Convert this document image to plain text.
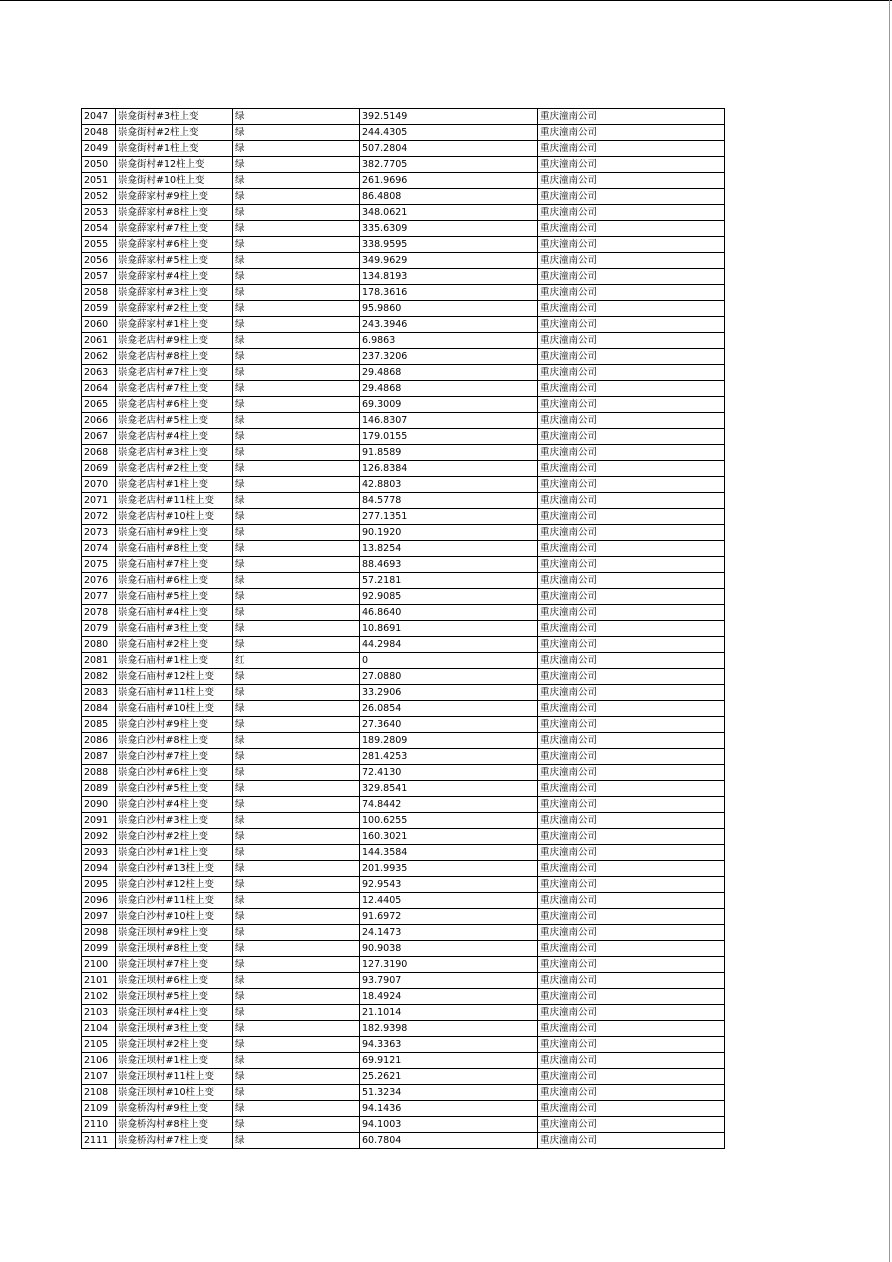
2047	崇龛街村#3柱上变	绿	392.5149	重庆潼南公司
2048	崇龛街村#2柱上变	绿	244.4305	重庆潼南公司
2049	崇龛街村#1柱上变	绿	507.2804	重庆潼南公司
2050	崇龛街村#12柱上变	绿	382.7705	重庆潼南公司
2051	崇龛街村#10柱上变	绿	261.9696	重庆潼南公司
2052	崇龛薛家村#9柱上变	绿	86.4808	重庆潼南公司
2053	崇龛薛家村#8柱上变	绿	348.0621	重庆潼南公司
2054	崇龛薛家村#7柱上变	绿	335.6309	重庆潼南公司
2055	崇龛薛家村#6柱上变	绿	338.9595	重庆潼南公司
2056	崇龛薛家村#5柱上变	绿	349.9629	重庆潼南公司
2057	崇龛薛家村#4柱上变	绿	134.8193	重庆潼南公司
2058	崇龛薛家村#3柱上变	绿	178.3616	重庆潼南公司
2059	崇龛薛家村#2柱上变	绿	95.9860	重庆潼南公司
2060	崇龛薛家村#1柱上变	绿	243.3946	重庆潼南公司
2061	崇龛老店村#9柱上变	绿	6.9863	重庆潼南公司
2062	崇龛老店村#8柱上变	绿	237.3206	重庆潼南公司
2063	崇龛老店村#7柱上变	绿	29.4868	重庆潼南公司
2064	崇龛老店村#7柱上变	绿	29.4868	重庆潼南公司
2065	崇龛老店村#6柱上变	绿	69.3009	重庆潼南公司
2066	崇龛老店村#5柱上变	绿	146.8307	重庆潼南公司
2067	崇龛老店村#4柱上变	绿	179.0155	重庆潼南公司
2068	崇龛老店村#3柱上变	绿	91.8589	重庆潼南公司
2069	崇龛老店村#2柱上变	绿	126.8384	重庆潼南公司
2070	崇龛老店村#1柱上变	绿	42.8803	重庆潼南公司
2071	崇龛老店村#11柱上变	绿	84.5778	重庆潼南公司
2072	崇龛老店村#10柱上变	绿	277.1351	重庆潼南公司
2073	崇龛石庙村#9柱上变	绿	90.1920	重庆潼南公司
2074	崇龛石庙村#8柱上变	绿	13.8254	重庆潼南公司
2075	崇龛石庙村#7柱上变	绿	88.4693	重庆潼南公司
2076	崇龛石庙村#6柱上变	绿	57.2181	重庆潼南公司
2077	崇龛石庙村#5柱上变	绿	92.9085	重庆潼南公司
2078	崇龛石庙村#4柱上变	绿	46.8640	重庆潼南公司
2079	崇龛石庙村#3柱上变	绿	10.8691	重庆潼南公司
2080	崇龛石庙村#2柱上变	绿	44.2984	重庆潼南公司
2081	崇龛石庙村#1柱上变	红	0	重庆潼南公司
2082	崇龛石庙村#12柱上变	绿	27.0880	重庆潼南公司
2083	崇龛石庙村#11柱上变	绿	33.2906	重庆潼南公司
2084	崇龛石庙村#10柱上变	绿	26.0854	重庆潼南公司
2085	崇龛白沙村#9柱上变	绿	27.3640	重庆潼南公司
2086	崇龛白沙村#8柱上变	绿	189.2809	重庆潼南公司
2087	崇龛白沙村#7柱上变	绿	281.4253	重庆潼南公司
2088	崇龛白沙村#6柱上变	绿	72.4130	重庆潼南公司
2089	崇龛白沙村#5柱上变	绿	329.8541	重庆潼南公司
2090	崇龛白沙村#4柱上变	绿	74.8442	重庆潼南公司
2091	崇龛白沙村#3柱上变	绿	100.6255	重庆潼南公司
2092	崇龛白沙村#2柱上变	绿	160.3021	重庆潼南公司
2093	崇龛白沙村#1柱上变	绿	144.3584	重庆潼南公司
2094	崇龛白沙村#13柱上变	绿	201.9935	重庆潼南公司
2095	崇龛白沙村#12柱上变	绿	92.9543	重庆潼南公司
2096	崇龛白沙村#11柱上变	绿	12.4405	重庆潼南公司
2097	崇龛白沙村#10柱上变	绿	91.6972	重庆潼南公司
2098	崇龛汪坝村#9柱上变	绿	24.1473	重庆潼南公司
2099	崇龛汪坝村#8柱上变	绿	90.9038	重庆潼南公司
2100	崇龛汪坝村#7柱上变	绿	127.3190	重庆潼南公司
2101	崇龛汪坝村#6柱上变	绿	93.7907	重庆潼南公司
2102	崇龛汪坝村#5柱上变	绿	18.4924	重庆潼南公司
2103	崇龛汪坝村#4柱上变	绿	21.1014	重庆潼南公司
2104	崇龛汪坝村#3柱上变	绿	182.9398	重庆潼南公司
2105	崇龛汪坝村#2柱上变	绿	94.3363	重庆潼南公司
2106	崇龛汪坝村#1柱上变	绿	69.9121	重庆潼南公司
2107	崇龛汪坝村#11柱上变	绿	25.2621	重庆潼南公司
2108	崇龛汪坝村#10柱上变	绿	51.3234	重庆潼南公司
2109	崇龛桥沟村#9柱上变	绿	94.1436	重庆潼南公司
2110	崇龛桥沟村#8柱上变	绿	94.1003	重庆潼南公司
2111	崇龛桥沟村#7柱上变	绿	60.7804	重庆潼南公司
